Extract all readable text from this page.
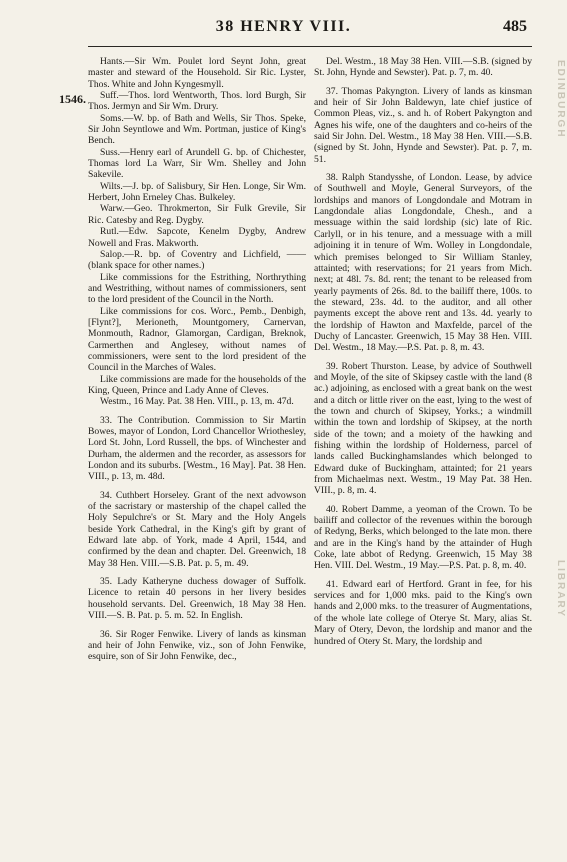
38 HENRY VIII.	485
1546.	EDINBURGH
LIBRARY

Hants.—Sir Wm. Poulet lord Seynt John, great master and steward of the Household. Sir Ric. Lyster, Thos. White and John Kyngesmyll.

Suff.—Thos. lord Wentworth, Thos. lord Burgh, Sir Thos. Jermyn and Sir Wm. Drury.

Soms.—W. bp. of Bath and Wells, Sir Thos. Speke, Sir John Seyntlowe and Wm. Portman, justice of King's Bench.

Suss.—Henry earl of Arundell G. bp. of Chichester, Thomas lord La Warr, Sir Wm. Shelley and John Sakevile.

Wilts.—J. bp. of Salisbury, Sir Hen. Longe, Sir Wm. Herbert, John Erneley Chas. Bulkeley.

Warw.—Geo. Throkmerton, Sir Fulk Grevile, Sir Ric. Catesby and Reg. Dygby.

Rutl.—Edw. Sapcote, Kenelm Dygby, Andrew Nowell and Fras. Makworth.

Salop.—R. bp. of Coventry and Lichfield, —— (blank space for other names.)

Like commissions for the Estrithing, Northrything and Westrithing, without names of commissioners, sent to the lord president of the Council in the North.

Like commissions for cos. Worc., Pemb., Denbigh, [Flynt?], Merioneth, Mountgomery, Carnervan, Monmouth, Radnor, Glamorgan, Cardigan, Breknok, Carmerthen and Anglesey, without names of commissioners, were sent to the lord president of the Council in the Marches of Wales.

Like commissions are made for the households of the King, Queen, Prince and Lady Anne of Cleves.

Westm., 16 May. Pat. 38 Hen. VIII., p. 13, m. 47d.

33. The Contribution. Commission to Sir Martin Bowes, mayor of London, Lord Chancellor Wriothesley, Lord St. John, Lord Russell, the bps. of Winchester and Durham, the aldermen and the recorder, as assessors for London and its suburbs. [Westm., 16 May]. Pat. 38 Hen. VIII., p. 13, m. 48d.

34. Cuthbert Horseley. Grant of the next advowson of the sacristary or mastership of the chapel called the Holy Sepulchre's or St. Mary and the Holy Angels beside York Cathedral, in the King's gift by grant of Edward late abp. of York, made 4 April, 1544, and confirmed by the dean and chapter. Del. Greenwich, 18 May 38 Hen. VIII.—S.B. Pat. p. 5, m. 49.

35. Lady Katheryne duchess dowager of Suffolk. Licence to retain 40 persons in her livery besides household servants. Del. Greenwich, 18 May 38 Hen. VIII.—S. B. Pat. p. 5. m. 52. In English.

36. Sir Roger Fenwike. Livery of lands as kinsman and heir of John Fenwike, viz., son of John Fenwike, esquire, son of Sir John Fenwike, dec.,

Del. Westm., 18 May 38 Hen. VIII.—S.B. (signed by St. John, Hynde and Sewster). Pat. p. 7, m. 40.

37. Thomas Pakyngton. Livery of lands as kinsman and heir of Sir John Baldewyn, late chief justice of Common Pleas, viz., s. and h. of Robert Pakyngton and Agnes his wife, one of the daughters and co-heirs of the said Sir John. Del. Westm., 18 May 38 Hen. VIII.—S.B. (signed by St. John, Hynde and Sewster). Pat. p. 7, m. 51.

38. Ralph Standysshe, of London. Lease, by advice of Southwell and Moyle, General Surveyors, of the lordships and manors of Longdondale and Motram in Langdondale alias Longdondale, Chesh., and a messuage within the said lordship (sic) late of Ric. Carlyll, or in his tenure, and a messuage with a mill adjoining it in tenure of Wm. Wolley in Longdondale, which premises belonged to Sir William Stanley, attainted; with reservations; for 21 years from Mich. next; at 48l. 7s. 8d. rent; the tenant to be released from yearly payments of 26s. 8d. to the bailiff there, 100s. to the steward, 23s. 4d. to the auditor, and all other payments except the above rent and 13s. 4d. yearly to the lordship of Hawton and Maxfelde, parcel of the Duchy of Lancaster. Greenwich, 15 May 38 Hen. VIII. Del. Westm., 18 May.—P.S. Pat. p. 8, m. 43.

39. Robert Thurston. Lease, by advice of Southwell and Moyle, of the site of Skipsey castle with the land (8 ac.) adjoining, as enclosed with a great bank on the west and a ditch or little river on the east, lying to the west of the town and church of Skipsey, Yorks.; a windmill within the town and lordship of Skipsey, at the north side of the town; and a moiety of the hawking and fishing within the lordship of Holderness, parcel of lands called Buckinghamslandes which belonged to Edward duke of Buckingham, attainted; for 21 years from Michaelmas next. Westm., 19 May Pat. 38 Hen. VIII., p. 8, m. 4.

40. Robert Damme, a yeoman of the Crown. To be bailiff and collector of the revenues within the borough of Redyng, Berks, which belonged to the late mon. there and are in the King's hand by the attainder of Hugh Coke, late abbot of Redyng. Greenwich, 15 May 38 Hen. VIII. Del. Westm., 19 May.—P.S. Pat. p. 8, m. 40.

41. Edward earl of Hertford. Grant in fee, for his services and for 1,000 mks. paid to the King's own hands and 2,000 mks. to the treasurer of Augmentations, of the whole late college of Oterye St. Mary, alias St. Mary of Otery, Devon, the lordship and manor and the hundred of Otery St. Mary, the lordship and
